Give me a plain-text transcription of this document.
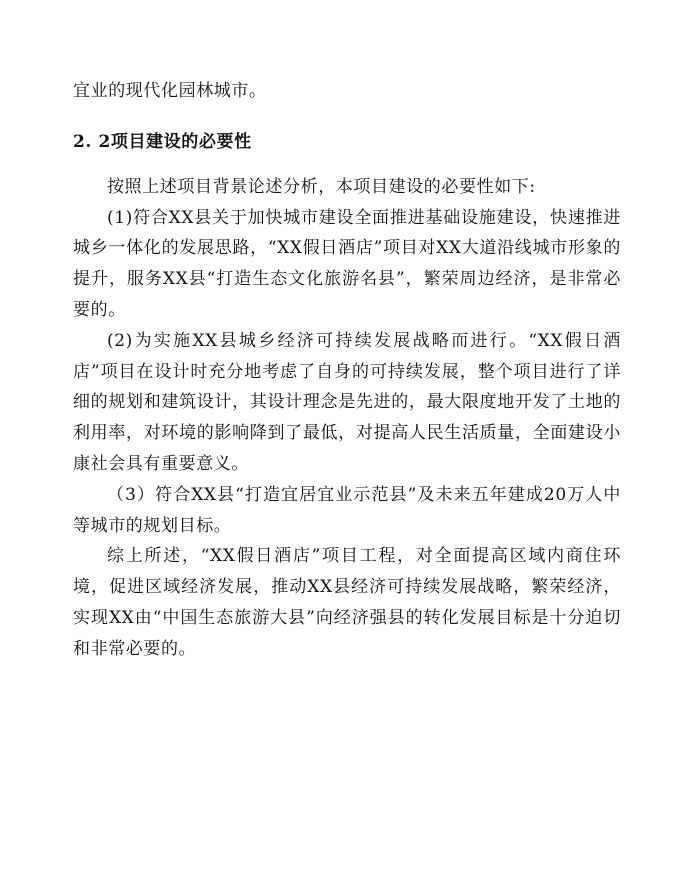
宜业的现代化园林城市。

2. 2项目建设的必要性

按照上述项目背景论述分析，本项目建设的必要性如下:

(1)符合XX县关于加快城市建设全面推进基础设施建设，快速推进城乡一体化的发展思路，“XX假日酒店”项目对XX大道沿线城市形象的提升，服务XX县“打造生态文化旅游名县”，繁荣周边经济，是非常必要的。

(2)为实施XX县城乡经济可持续发展战略而进行。“XX假日酒店”项目在设计时充分地考虑了自身的可持续发展，整个项目进行了详细的规划和建筑设计，其设计理念是先进的，最大限度地开发了土地的利用率，对环境的影响降到了最低，对提高人民生活质量，全面建设小康社会具有重要意义。

（3）符合XX县“打造宜居宜业示范县”及未来五年建成20万人中等城市的规划目标。

综上所述，“XX假日酒店”项目工程，对全面提高区域内商住环境，促进区域经济发展，推动XX县经济可持续发展战略，繁荣经济，实现XX由“中国生态旅游大县”向经济强县的转化发展目标是十分迫切和非常必要的。
